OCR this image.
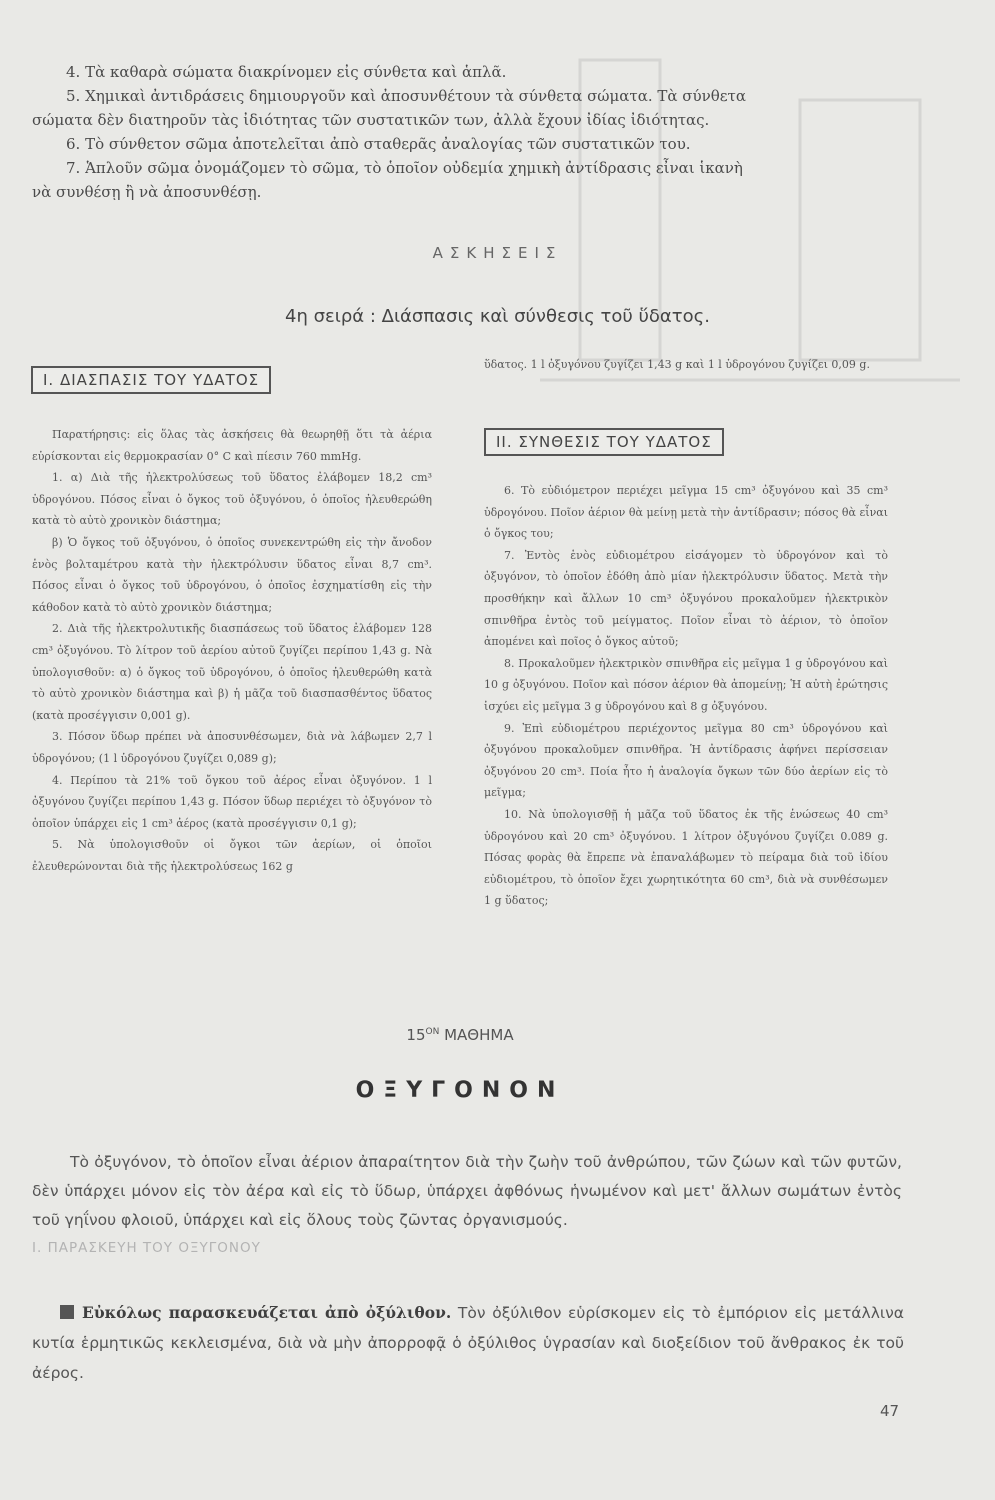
4. Τὰ καθαρὰ σώματα διακρίνομεν εἰς σύνθετα καὶ ἁπλᾶ.

5. Χημικαὶ ἀντιδράσεις δημιουργοῦν καὶ ἀποσυνθέτουν τὰ σύνθετα σώματα. Τὰ σύνθετα

σώματα δὲν διατηροῦν τὰς ἰδιότητας τῶν συστατικῶν των, ἀλλὰ ἔχουν ἰδίας ἰδιότητας.

6. Τὸ σύνθετον σῶμα ἀποτελεῖται ἀπὸ σταθερᾶς ἀναλογίας τῶν συστατικῶν του.

7. Ἁπλοῦν σῶμα ὀνομάζομεν τὸ σῶμα, τὸ ὁποῖον οὐδεμία χημικὴ ἀντίδρασις εἶναι ἱκανὴ

νὰ συνθέσῃ ἢ νὰ ἀποσυνθέσῃ.

ΑΣΚΗΣΕΙΣ
4η σειρά : Διάσπασις καὶ σύνθεσις τοῦ ὕδατος.
Ι. ΔΙΑΣΠΑΣΙΣ ΤΟΥ ΥΔΑΤΟΣ

Παρατήρησις: εἰς ὅλας τὰς ἀσκήσεις θὰ θεωρηθῇ ὅτι τὰ ἀέρια εὑρίσκονται εἰς θερμοκρασίαν 0° C καὶ πίεσιν 760 mmHg.

1. α) Διὰ τῆς ἠλεκτρολύσεως τοῦ ὕδατος ἐλάβομεν 18,2 cm³ ὑδρογόνου. Πόσος εἶναι ὁ ὄγκος τοῦ ὀξυγόνου, ὁ ὁποῖος ἠλευθερώθη κατὰ τὸ αὐτὸ χρονικὸν διάστημα;

β) Ὁ ὄγκος τοῦ ὀξυγόνου, ὁ ὁποῖος συνεκεντρώθη εἰς τὴν ἄνοδον ἑνὸς βολταμέτρου κατὰ τὴν ἠλεκτρόλυσιν ὕδατος εἶναι 8,7 cm³. Πόσος εἶναι ὁ ὄγκος τοῦ ὑδρογόνου, ὁ ὁποῖος ἐσχηματίσθη εἰς τὴν κάθοδον κατὰ τὸ αὐτὸ χρονικὸν διάστημα;

2. Διὰ τῆς ἠλεκτρολυτικῆς διασπάσεως τοῦ ὕδατος ἐλάβομεν 128 cm³ ὀξυγόνου. Τὸ λίτρον τοῦ ἀερίου αὐτοῦ ζυγίζει περίπου 1,43 g. Νὰ ὑπολογισθοῦν: α) ὁ ὄγκος τοῦ ὑδρογόνου, ὁ ὁποῖος ἠλευθερώθη κατὰ τὸ αὐτὸ χρονικὸν διάστημα καὶ β) ἡ μᾶζα τοῦ διασπασθέντος ὕδατος (κατὰ προσέγγισιν 0,001 g).

3. Πόσον ὕδωρ πρέπει νὰ ἀποσυνθέσωμεν, διὰ νὰ λάβωμεν 2,7 l ὑδρογόνου; (1 l ὑδρογόνου ζυγίζει 0,089 g);

4. Περίπου τὰ 21% τοῦ ὄγκου τοῦ ἀέρος εἶναι ὀξυγόνον. 1 l ὀξυγόνου ζυγίζει περίπου 1,43 g. Πόσον ὕδωρ περιέχει τὸ ὀξυγόνον τὸ ὁποῖον ὑπάρχει εἰς 1 cm³ ἀέρος (κατὰ προσέγγισιν 0,1 g);

5. Νὰ ὑπολογισθοῦν οἱ ὄγκοι τῶν ἀερίων, οἱ ὁποῖοι ἐλευθερώνονται διὰ τῆς ἠλεκτρολύσεως 162 g

ὕδατος. 1 l ὀξυγόνου ζυγίζει 1,43 g καὶ 1 l ὑδρογόνου ζυγίζει 0,09 g.

ΙΙ. ΣΥΝΘΕΣΙΣ ΤΟΥ ΥΔΑΤΟΣ

6. Τὸ εὐδιόμετρον περιέχει μεῖγμα 15 cm³ ὀξυγόνου καὶ 35 cm³ ὑδρογόνου. Ποῖον ἀέριον θὰ μείνῃ μετὰ τὴν ἀντίδρασιν; πόσος θὰ εἶναι ὁ ὄγκος του;

7. Ἐντὸς ἑνὸς εὐδιομέτρου εἰσάγομεν τὸ ὑδρογόνον καὶ τὸ ὀξυγόνον, τὸ ὁποῖον ἐδόθη ἀπὸ μίαν ἠλεκτρόλυσιν ὕδατος. Μετὰ τὴν προσθήκην καὶ ἄλλων 10 cm³ ὀξυγόνου προκαλοῦμεν ἠλεκτρικὸν σπινθῆρα ἐντὸς τοῦ μείγματος. Ποῖον εἶναι τὸ ἀέριον, τὸ ὁποῖον ἀπομένει καὶ ποῖος ὁ ὄγκος αὐτοῦ;

8. Προκαλοῦμεν ἠλεκτρικὸν σπινθῆρα εἰς μεῖγμα 1 g ὑδρογόνου καὶ 10 g ὀξυγόνου. Ποῖον καὶ πόσον ἀέριον θὰ ἀπομείνῃ; Ἡ αὐτὴ ἐρώτησις ἰσχύει εἰς μεῖγμα 3 g ὑδρογόνου καὶ 8 g ὀξυγόνου.

9. Ἐπὶ εὐδιομέτρου περιέχοντος μεῖγμα 80 cm³ ὑδρογόνου καὶ ὀξυγόνου προκαλοῦμεν σπινθῆρα. Ἡ ἀντίδρασις ἀφήνει περίσσειαν ὀξυγόνου 20 cm³. Ποία ἦτο ἡ ἀναλογία ὄγκων τῶν δύο ἀερίων εἰς τὸ μεῖγμα;

10. Νὰ ὑπολογισθῇ ἡ μᾶζα τοῦ ὕδατος ἐκ τῆς ἑνώσεως 40 cm³ ὑδρογόνου καὶ 20 cm³ ὀξυγόνου. 1 λίτρον ὀξυγόνου ζυγίζει 0.089 g. Πόσας φορὰς θὰ ἔπρεπε νὰ ἐπαναλάβωμεν τὸ πείραμα διὰ τοῦ ἰδίου εὐδιομέτρου, τὸ ὁποῖον ἔχει χωρητικότητα 60 cm³, διὰ νὰ συνθέσωμεν 1 g ὕδατος;

$15^{ON}$ ΜΑΘΗΜΑ
ΟΞΥΓΟΝΟΝ

Τὸ ὀξυγόνον, τὸ ὁποῖον εἶναι ἀέριον ἀπαραίτητον διὰ τὴν ζωὴν τοῦ ἀνθρώπου, τῶν ζώων καὶ τῶν φυτῶν, δὲν ὑπάρχει μόνον εἰς τὸν ἀέρα καὶ εἰς τὸ ὕδωρ, ὑπάρχει ἀφθόνως ἡνωμένον καὶ μετ' ἄλλων σωμάτων ἐντὸς τοῦ γηΐνου φλοιοῦ, ὑπάρχει καὶ εἰς ὅλους τοὺς ζῶντας ὀργανισμούς.

Ι. ΠΑΡΑΣΚΕΥΗ ΤΟΥ ΟΞΥΓΟΝΟΥ

Εὐκόλως παρασκευάζεται ἀπὸ ὀξύλιθον. Τὸν ὀξύλιθον εὑρίσκομεν εἰς τὸ ἐμπόριον εἰς μετάλλινα κυτία ἑρμητικῶς κεκλεισμένα, διὰ νὰ μὴν ἀπορροφᾷ ὁ ὀξύλιθος ὑγρασίαν καὶ διοξείδιον τοῦ ἄνθρακος ἐκ τοῦ ἀέρος.

47
